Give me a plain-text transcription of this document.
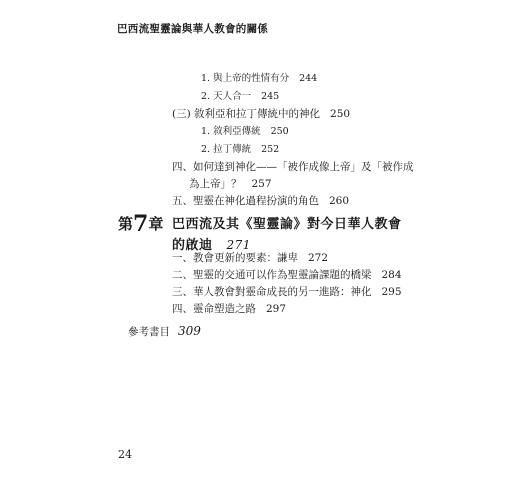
巴西流聖靈論與華人教會的關係
1. 與上帝的性情有分 244
2. 天人合一 245
(三) 敘利亞和拉丁傳統中的神化 250
1. 敘利亞傳統 250
2. 拉丁傳統 252
四、如何達到神化——「被作成像上帝」及「被作成
為上帝」？ 257
五、聖靈在神化過程扮演的角色 260
第7章 巴西流及其《聖靈論》對今日華人教會
的啟迪 271
一、教會更新的要素：謙卑 272
二、聖靈的交通可以作為聖靈論課題的橋梁 284
三、華人教會對靈命成長的另一進路：神化 295
四、靈命塑造之路 297
參考書目 309
24
